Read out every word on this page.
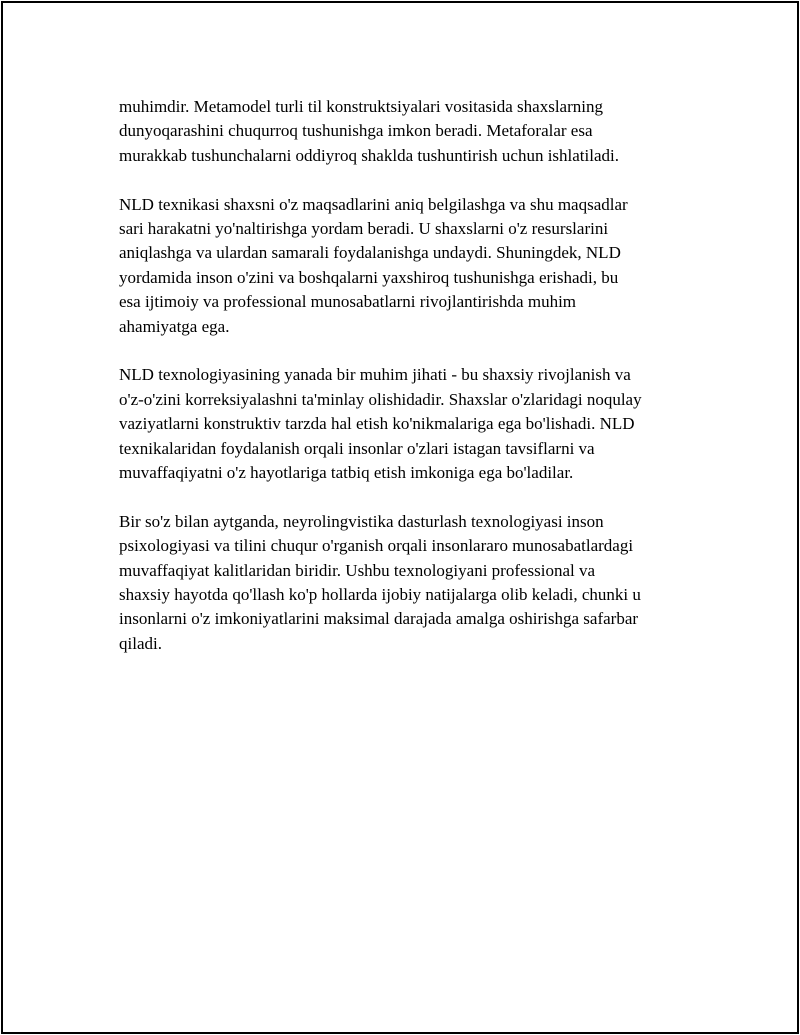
muhimdir. Metamodel turli til konstruktsiyalari vositasida shaxslarning
dunyoqarashini chuqurroq tushunishga imkon beradi. Metaforalar esa
murakkab tushunchalarni oddiyroq shaklda tushuntirish uchun ishlatiladi.

NLD texnikasi shaxsni o'z maqsadlarini aniq belgilashga va shu maqsadlar
sari harakatni yo'naltirishga yordam beradi. U shaxslarni o'z resurslarini
aniqlashga va ulardan samarali foydalanishga undaydi. Shuningdek, NLD
yordamida inson o'zini va boshqalarni yaxshiroq tushunishga erishadi, bu
esa ijtimoiy va professional munosabatlarni rivojlantirishda muhim
ahamiyatga ega.

NLD texnologiyasining yanada bir muhim jihati - bu shaxsiy rivojlanish va
o'z-o'zini korreksiyalashni ta'minlay olishidadir. Shaxslar o'zlaridagi noqulay
vaziyatlarni konstruktiv tarzda hal etish ko'nikmalariga ega bo'lishadi. NLD
texnikalaridan foydalanish orqali insonlar o'zlari istagan tavsiflarni va
muvaffaqiyatni o'z hayotlariga tatbiq etish imkoniga ega bo'ladilar.

Bir so'z bilan aytganda, neyrolingvistika dasturlash texnologiyasi inson
psixologiyasi va tilini chuqur o'rganish orqali insonlararo munosabatlardagi
muvaffaqiyat kalitlaridan biridir. Ushbu texnologiyani professional va
shaxsiy hayotda qo'llash ko'p hollarda ijobiy natijalarga olib keladi, chunki u
insonlarni o'z imkoniyatlarini maksimal darajada amalga oshirishga safarbar
qiladi.
